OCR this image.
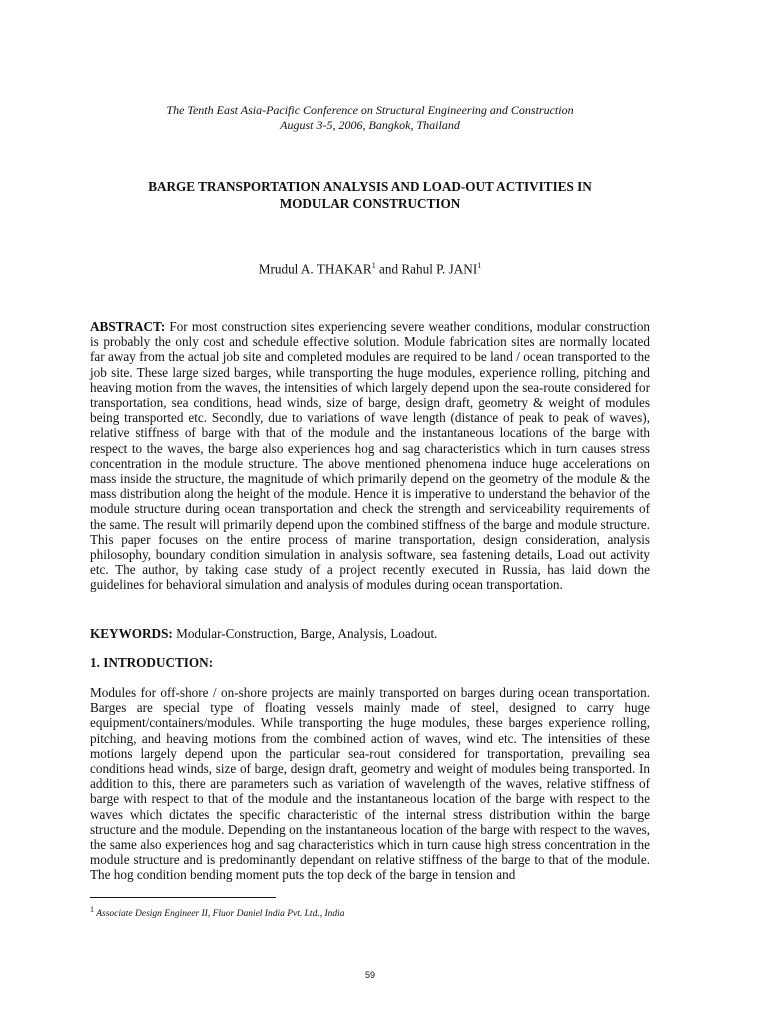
The Tenth East Asia-Pacific Conference on Structural Engineering and Construction
August 3-5, 2006, Bangkok, Thailand
BARGE TRANSPORTATION ANALYSIS AND LOAD-OUT ACTIVITIES IN
MODULAR CONSTRUCTION
Mrudul A. THAKAR$^1$ and Rahul P. JANI$^1$
ABSTRACT: For most construction sites experiencing severe weather conditions, modular construction is probably the only cost and schedule effective solution. Module fabrication sites are normally located far away from the actual job site and completed modules are required to be land / ocean transported to the job site. These large sized barges, while transporting the huge modules, experience rolling, pitching and heaving motion from the waves, the intensities of which largely depend upon the sea-route considered for transportation, sea conditions, head winds, size of barge, design draft, geometry & weight of modules being transported etc. Secondly, due to variations of wave length (distance of peak to peak of waves), relative stiffness of barge with that of the module and the instantaneous locations of the barge with respect to the waves, the barge also experiences hog and sag characteristics which in turn causes stress concentration in the module structure. The above mentioned phenomena induce huge accelerations on mass inside the structure, the magnitude of which primarily depend on the geometry of the module & the mass distribution along the height of the module. Hence it is imperative to understand the behavior of the module structure during ocean transportation and check the strength and serviceability requirements of the same. The result will primarily depend upon the combined stiffness of the barge and module structure. This paper focuses on the entire process of marine transportation, design consideration, analysis philosophy, boundary condition simulation in analysis software, sea fastening details, Load out activity etc. The author, by taking case study of a project recently executed in Russia, has laid down the guidelines for behavioral simulation and analysis of modules during ocean transportation.
KEYWORDS: Modular-Construction, Barge, Analysis, Loadout.
1. INTRODUCTION:
Modules for off-shore / on-shore projects are mainly transported on barges during ocean transportation. Barges are special type of floating vessels mainly made of steel, designed to carry huge equipment/containers/modules. While transporting the huge modules, these barges experience rolling, pitching, and heaving motions from the combined action of waves, wind etc. The intensities of these motions largely depend upon the particular sea-rout considered for transportation, prevailing sea conditions head winds, size of barge, design draft, geometry and weight of modules being transported. In addition to this, there are parameters such as variation of wavelength of the waves, relative stiffness of barge with respect to that of the module and the instantaneous location of the barge with respect to the waves which dictates the specific characteristic of the internal stress distribution within the barge structure and the module. Depending on the instantaneous location of the barge with respect to the waves, the same also experiences hog and sag characteristics which in turn cause high stress concentration in the module structure and is predominantly dependant on relative stiffness of the barge to that of the module. The hog condition bending moment puts the top deck of the barge in tension and
$^1$ Associate Design Engineer II, Fluor Daniel India Pvt. Ltd., India
59
